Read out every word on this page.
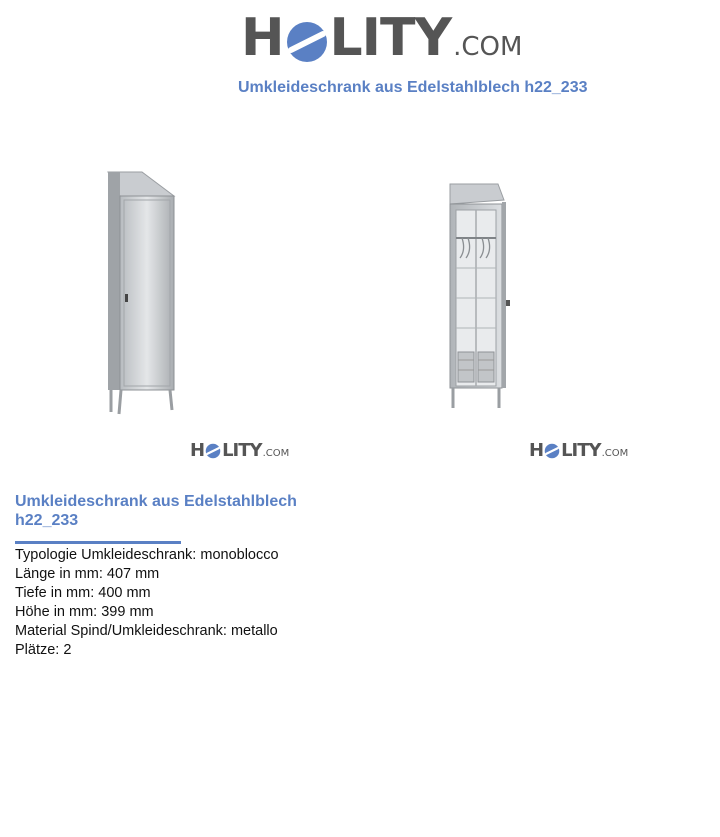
H LITY .COM
Umkleideschrank aus Edelstahlblech h22_233
H LITY .COM	H LITY .COM
Umkleideschrank aus Edelstahlblech h22_233
Typologie Umkleideschrank: monoblocco
Länge in mm: 407 mm
Tiefe in mm: 400 mm
Höhe in mm: 399 mm
Material Spind/Umkleideschrank: metallo
Plätze: 2
